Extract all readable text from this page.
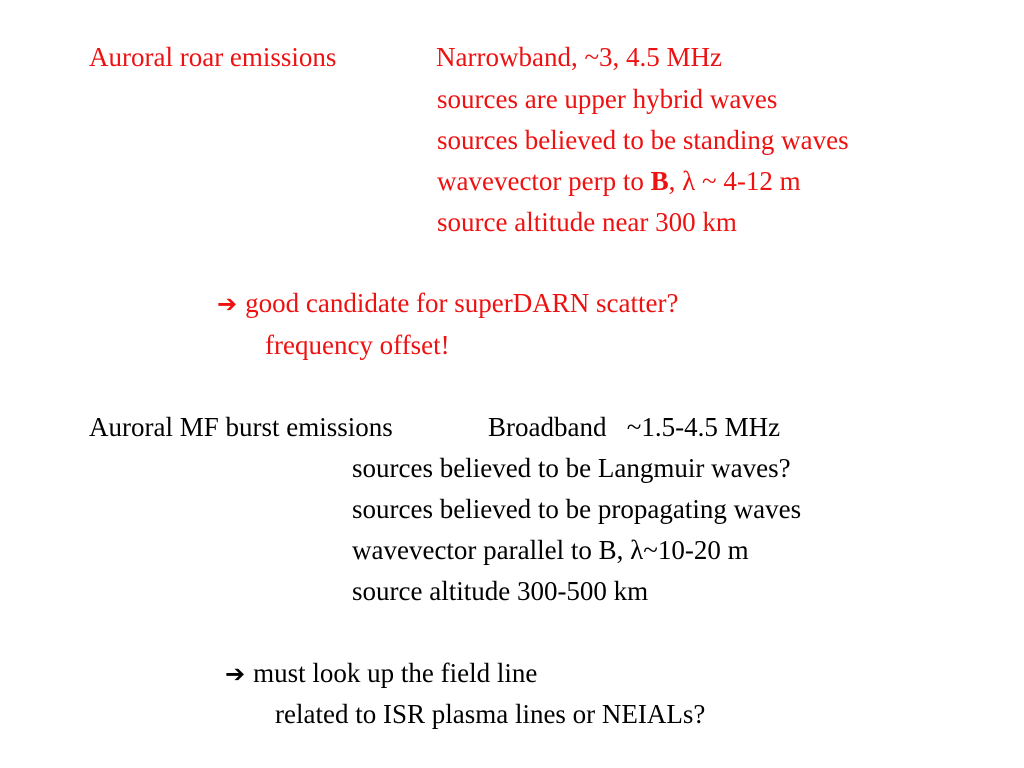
Auroral roar emissions	Narrowband, ~3, 4.5 MHz
sources are upper hybrid waves
sources believed to be standing waves
wavevector perp to B, λ ~ 4-12 m
source altitude near 300 km
➔ good candidate for superDARN scatter?
frequency offset!
Auroral MF burst emissions	Broadband   ~1.5-4.5 MHz
sources believed to be Langmuir waves?
sources believed to be propagating waves
wavevector parallel to B, λ~10-20 m
source altitude 300-500 km
➔ must look up the field line
related to ISR plasma lines or NEIALs?
